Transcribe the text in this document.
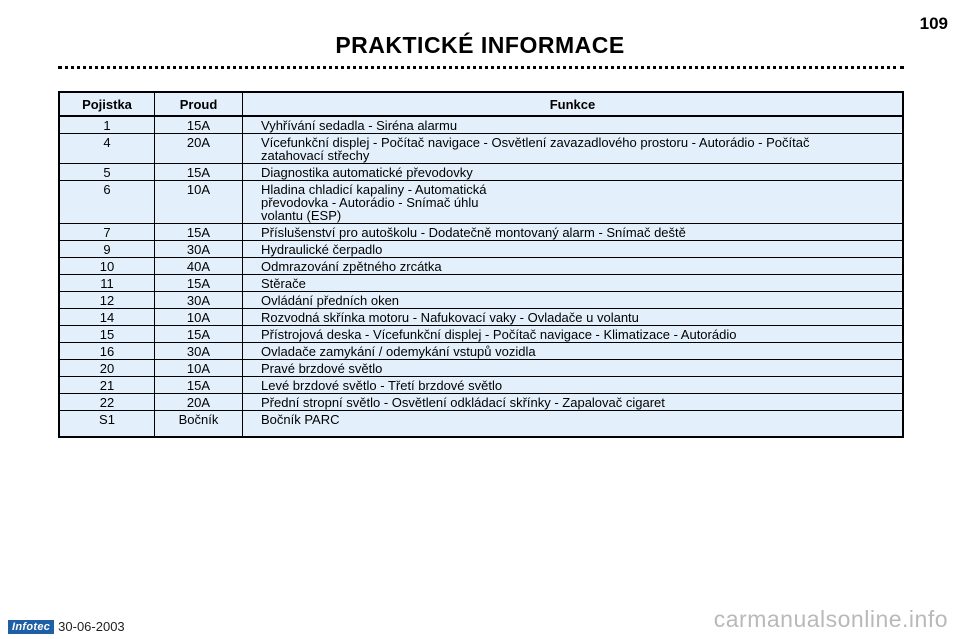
109
PRAKTICKÉ INFORMACE
Pojistka	Proud	Funkce
1	15A	Vyhřívání sedadla - Siréna alarmu
4	20A	Vícefunkční displej - Počítač navigace - Osvětlení zavazadlového prostoru - Autorádio - Počítač zatahovací střechy
5	15A	Diagnostika automatické převodovky
6	10A	Hladina chladicí kapaliny - Automatická převodovka - Autorádio - Snímač úhlu volantu (ESP)
7	15A	Příslušenství pro autoškolu - Dodatečně montovaný alarm - Snímač deště
9	30A	Hydraulické čerpadlo
10	40A	Odmrazování zpětného zrcátka
11	15A	Stěrače
12	30A	Ovládání předních oken
14	10A	Rozvodná skřínka motoru - Nafukovací vaky - Ovladače u volantu
15	15A	Přístrojová deska - Vícefunkční displej - Počítač navigace - Klimatizace - Autorádio
16	30A	Ovladače zamykání / odemykání vstupů vozidla
20	10A	Pravé brzdové světlo
21	15A	Levé brzdové světlo - Třetí brzdové světlo
22	20A	Přední stropní světlo - Osvětlení odkládací skřínky - Zapalovač cigaret
S1	Bočník	Bočník PARC
Infotec 30-06-2003	carmanualsonline.info
